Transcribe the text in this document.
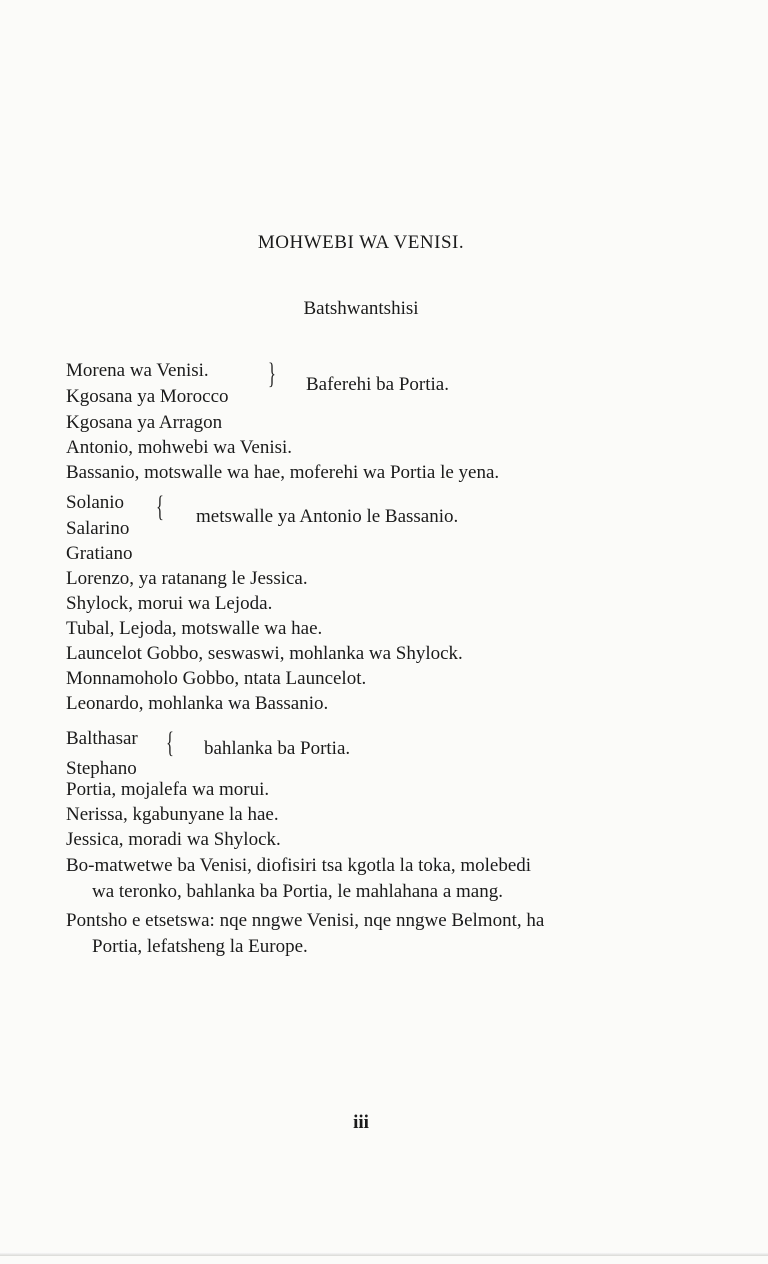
MOHWEBI WA VENISI.
Batshwantshisi
Morena wa Venisi.
Kgosana ya Morocco
} Baferehi ba Portia.
Kgosana ya Arragon
Antonio, mohwebi wa Venisi.
Bassanio, motswalle wa hae, moferehi wa Portia le yena.
Solanio
Salarino
{ metswalle ya Antonio le Bassanio.
Gratiano
Lorenzo, ya ratanang le Jessica.
Shylock, morui wa Lejoda.
Tubal, Lejoda, motswalle wa hae.
Launcelot Gobbo, seswaswi, mohlanka wa Shylock.
Monnamoholo Gobbo, ntata Launcelot.
Leonardo, mohlanka wa Bassanio.
Balthasar
Stephano
{ bahlanka ba Portia.
Portia, mojalefa wa morui.
Nerissa, kgabunyane la hae.
Jessica, moradi wa Shylock.
Bo-matwetwe ba Venisi, diofisiri tsa kgotla la toka, molebedi
wa teronko, bahlanka ba Portia, le mahlahana a mang.
Pontsho e etsetswa: nqe nngwe Venisi, nqe nngwe Belmont, ha
Portia, lefatsheng la Europe.
iii
